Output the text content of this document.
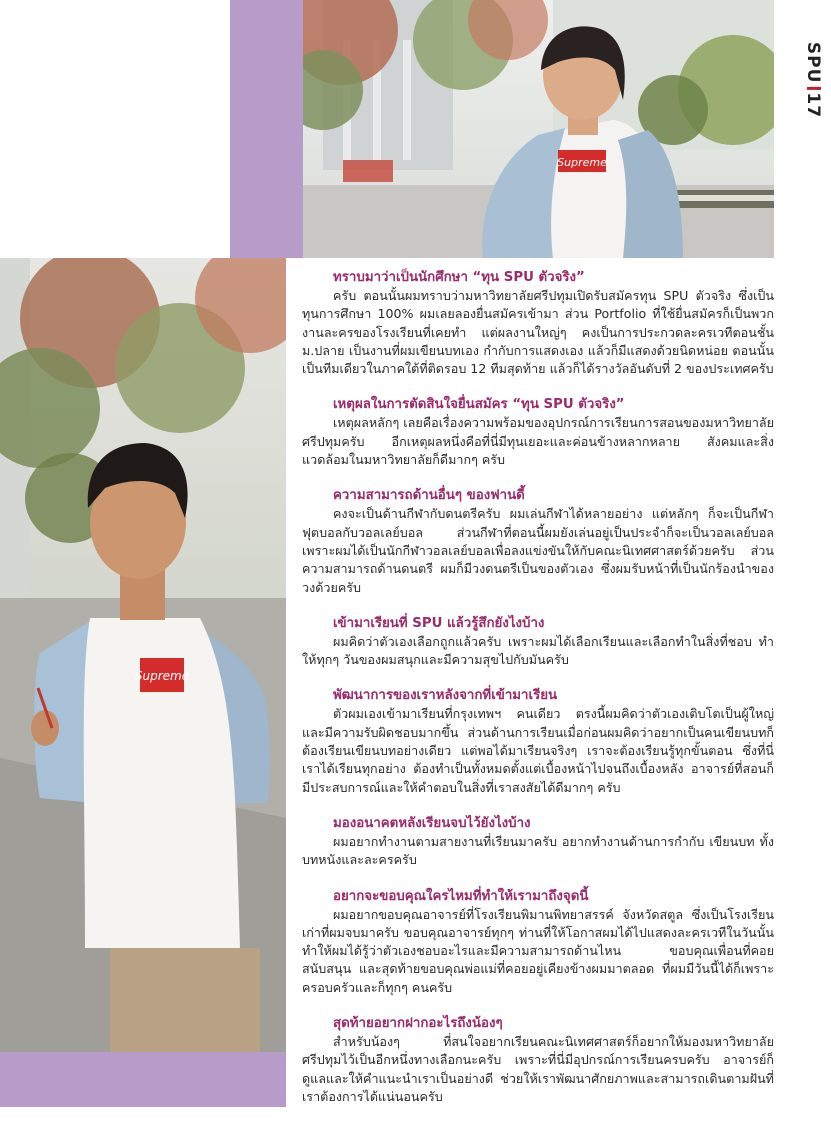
SPU17
Supreme
Supreme
ทราบมาว่าเป็นนักศึกษา “ทุน SPU ตัวจริง”
ครับ ตอนนั้นผมทราบว่ามหาวิทยาลัยศรีปทุมเปิดรับสมัครทุน SPU ตัวจริง ซึ่งเป็นทุนการศึกษา 100% ผมเลยลองยื่นสมัครเข้ามา ส่วน Portfolio ที่ใช้ยื่นสมัครก็เป็นพวกงานละครของโรงเรียนที่เคยทำ แต่ผลงานใหญ่ๆ คงเป็นการประกวดละครเวทีตอนชั้น ม.ปลาย เป็นงานที่ผมเขียนบทเอง กำกับการแสดงเอง แล้วก็มีแสดงด้วยนิดหน่อย ตอนนั้นเป็นทีมเดียวในภาคใต้ที่ติดรอบ 12 ทีมสุดท้าย แล้วก็ได้รางวัลอันดับที่ 2 ของประเทศครับ
เหตุผลในการตัดสินใจยื่นสมัคร “ทุน SPU ตัวจริง”
เหตุผลหลักๆ เลยคือเรื่องความพร้อมของอุปกรณ์การเรียนการสอนของมหาวิทยาลัยศรีปทุมครับ อีกเหตุผลหนึ่งคือที่นี่มีทุนเยอะและค่อนข้างหลากหลาย สังคมและสิ่งแวดล้อมในมหาวิทยาลัยก็ดีมากๆ ครับ
ความสามารถด้านอื่นๆ ของฟานดี้
คงจะเป็นด้านกีฬากับดนตรีครับ ผมเล่นกีฬาได้หลายอย่าง แต่หลักๆ ก็จะเป็นกีฬาฟุตบอลกับวอลเลย์บอล ส่วนกีฬาที่ตอนนี้ผมยังเล่นอยู่เป็นประจำก็จะเป็นวอลเลย์บอล เพราะผมได้เป็นนักกีฬาวอลเลย์บอลเพื่อลงแข่งขันให้กับคณะนิเทศศาสตร์ด้วยครับ ส่วนความสามารถด้านดนตรี ผมก็มีวงดนตรีเป็นของตัวเอง ซึ่งผมรับหน้าที่เป็นนักร้องนำของวงด้วยครับ
เข้ามาเรียนที่ SPU แล้วรู้สึกยังไงบ้าง
ผมคิดว่าตัวเองเลือกถูกแล้วครับ เพราะผมได้เลือกเรียนและเลือกทำในสิ่งที่ชอบ ทำให้ทุกๆ วันของผมสนุกและมีความสุขไปกับมันครับ
พัฒนาการของเราหลังจากที่เข้ามาเรียน
ตัวผมเองเข้ามาเรียนที่กรุงเทพฯ คนเดียว ตรงนี้ผมคิดว่าตัวเองเติบโตเป็นผู้ใหญ่และมีความรับผิดชอบมากขึ้น ส่วนด้านการเรียนเมื่อก่อนผมคิดว่าอยากเป็นคนเขียนบทก็ต้องเรียนเขียนบทอย่างเดียว แต่พอได้มาเรียนจริงๆ เราจะต้องเรียนรู้ทุกขั้นตอน ซึ่งที่นี่เราได้เรียนทุกอย่าง ต้องทำเป็นทั้งหมดตั้งแต่เบื้องหน้าไปจนถึงเบื้องหลัง อาจารย์ที่สอนก็มีประสบการณ์และให้คำตอบในสิ่งที่เราสงสัยได้ดีมากๆ ครับ
มองอนาคตหลังเรียนจบไว้ยังไงบ้าง
ผมอยากทำงานตามสายงานที่เรียนมาครับ อยากทำงานด้านการกำกับ เขียนบท ทั้งบทหนังและละครครับ
อยากจะขอบคุณใครไหมที่ทำให้เรามาถึงจุดนี้
ผมอยากขอบคุณอาจารย์ที่โรงเรียนพิมานพิทยาสรรค์ จังหวัดสตูล ซึ่งเป็นโรงเรียนเก่าที่ผมจบมาครับ ขอบคุณอาจารย์ทุกๆ ท่านที่ให้โอกาสผมได้ไปแสดงละครเวทีในวันนั้น ทำให้ผมได้รู้ว่าตัวเองชอบอะไรและมีความสามารถด้านไหน ขอบคุณเพื่อนที่คอยสนับสนุน และสุดท้ายขอบคุณพ่อแม่ที่คอยอยู่เคียงข้างผมมาตลอด ที่ผมมีวันนี้ได้ก็เพราะครอบครัวและก็ทุกๆ คนครับ
สุดท้ายอยากฝากอะไรถึงน้องๆ
สำหรับน้องๆ ที่สนใจอยากเรียนคณะนิเทศศาสตร์ก็อยากให้มองมหาวิทยาลัยศรีปทุมไว้เป็นอีกหนึ่งทางเลือกนะครับ เพราะที่นี่มีอุปกรณ์การเรียนครบครับ อาจารย์ก็ดูแลและให้คำแนะนำเราเป็นอย่างดี ช่วยให้เราพัฒนาศักยภาพและสามารถเดินตามฝันที่เราต้องการได้แน่นอนครับ
